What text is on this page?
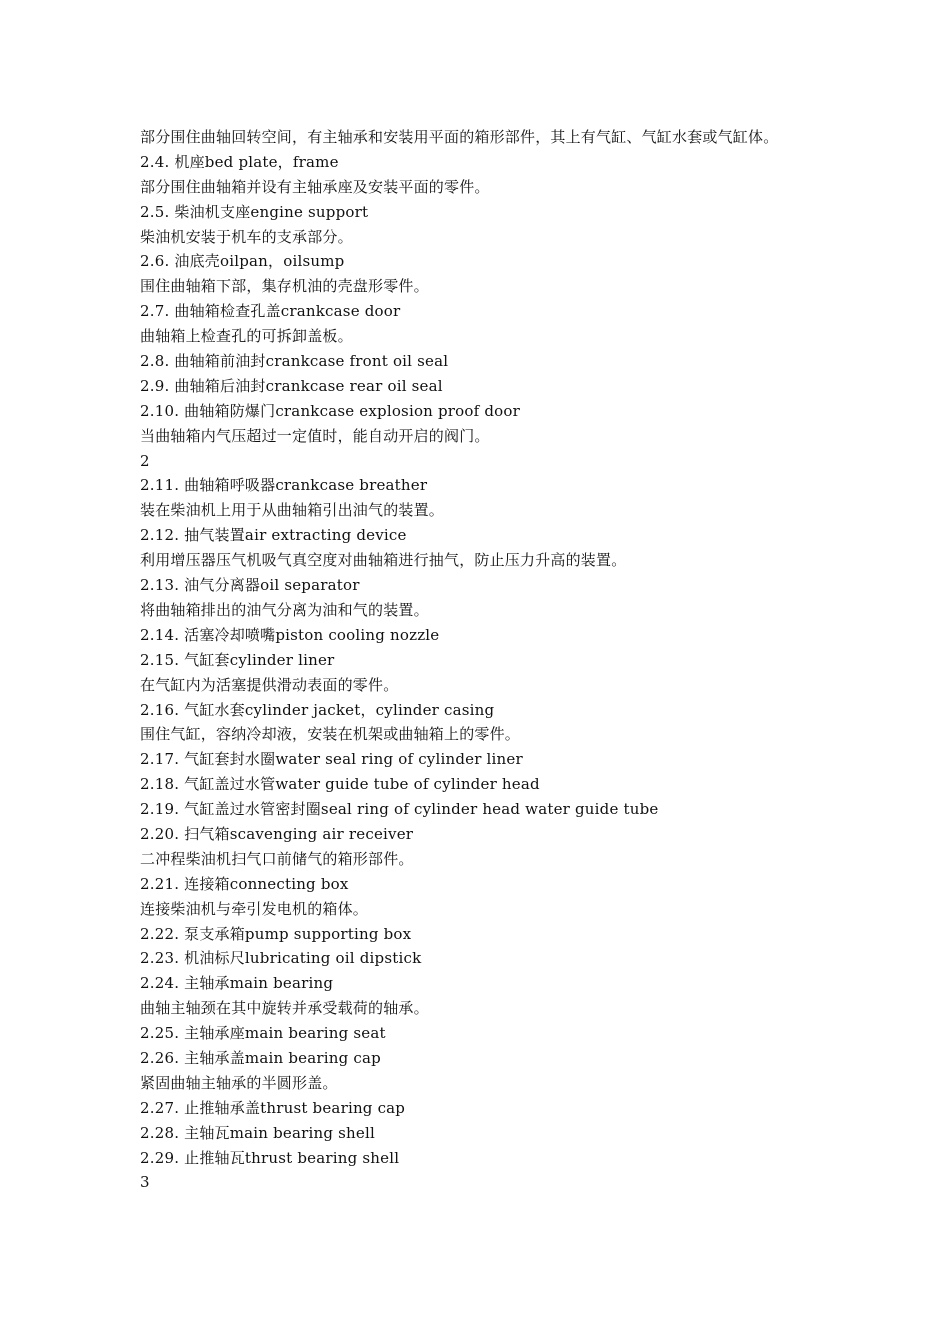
部分围住曲轴回转空间，有主轴承和安装用平面的箱形部件，其上有气缸、气缸水套或气缸体。
2.4. 机座bed plate，frame
部分围住曲轴箱并设有主轴承座及安装平面的零件。
2.5. 柴油机支座engine support
柴油机安装于机车的支承部分。
2.6. 油底壳oilpan，oilsump
围住曲轴箱下部，集存机油的壳盘形零件。
2.7. 曲轴箱检查孔盖crankcase door
曲轴箱上检查孔的可拆卸盖板。
2.8. 曲轴箱前油封crankcase front oil seal
2.9. 曲轴箱后油封crankcase rear oil seal
2.10. 曲轴箱防爆门crankcase explosion proof door
当曲轴箱内气压超过一定值时，能自动开启的阀门。
2
2.11. 曲轴箱呼吸器crankcase breather
装在柴油机上用于从曲轴箱引出油气的装置。
2.12. 抽气装置air extracting device
利用增压器压气机吸气真空度对曲轴箱进行抽气，防止压力升高的装置。
2.13. 油气分离器oil separator
将曲轴箱排出的油气分离为油和气的装置。
2.14. 活塞冷却喷嘴piston cooling nozzle
2.15. 气缸套cylinder liner
在气缸内为活塞提供滑动表面的零件。
2.16. 气缸水套cylinder jacket，cylinder casing
围住气缸，容纳冷却液，安装在机架或曲轴箱上的零件。
2.17. 气缸套封水圈water seal ring of cylinder liner
2.18. 气缸盖过水管water guide tube of cylinder head
2.19. 气缸盖过水管密封圈seal ring of cylinder head water guide tube
2.20. 扫气箱scavenging air receiver
二冲程柴油机扫气口前储气的箱形部件。
2.21. 连接箱connecting box
连接柴油机与牵引发电机的箱体。
2.22. 泵支承箱pump supporting box
2.23. 机油标尺lubricating oil dipstick
2.24. 主轴承main bearing
曲轴主轴颈在其中旋转并承受载荷的轴承。
2.25. 主轴承座main bearing seat
2.26. 主轴承盖main bearing cap
紧固曲轴主轴承的半圆形盖。
2.27. 止推轴承盖thrust bearing cap
2.28. 主轴瓦main bearing shell
2.29. 止推轴瓦thrust bearing shell
3
